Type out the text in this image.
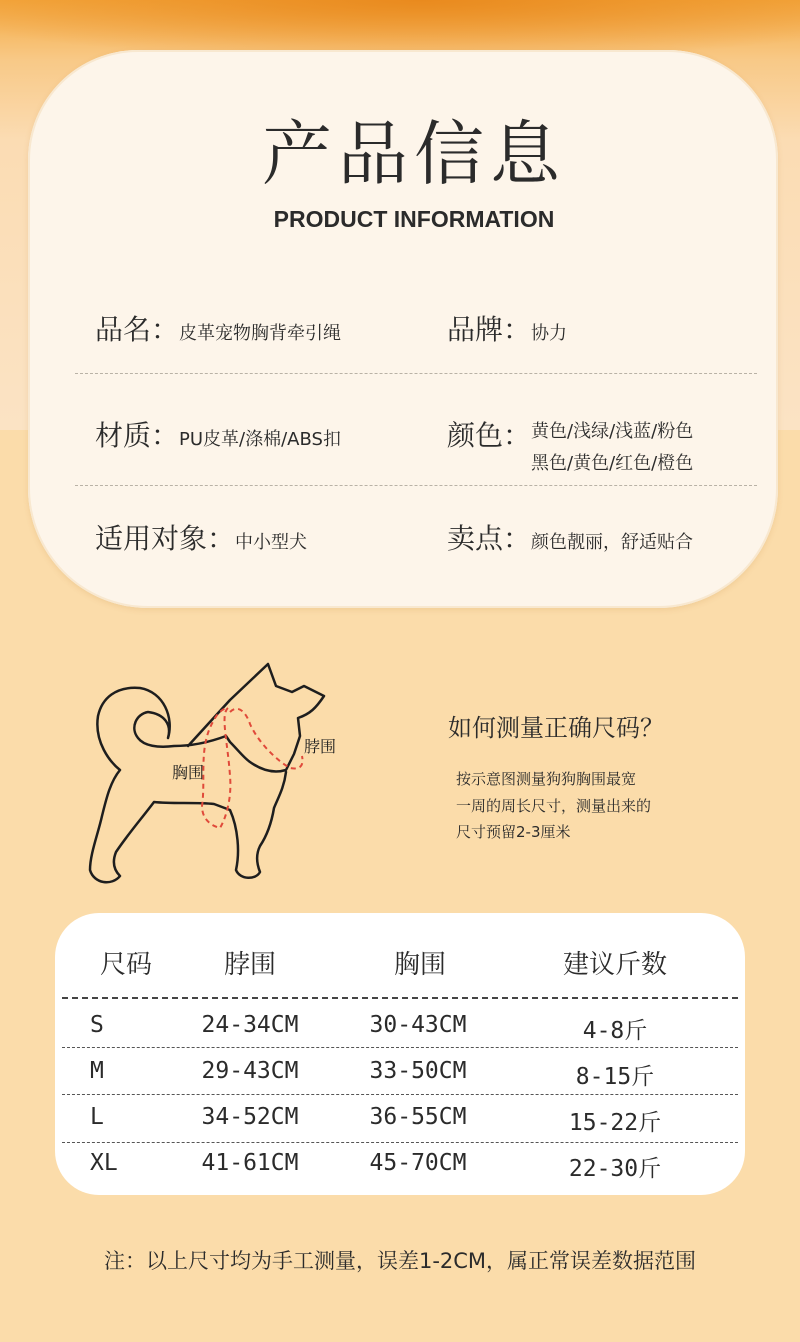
产品信息
PRODUCT INFORMATION
品名： 皮革宠物胸背牵引绳	品牌： 协力
材质： PU皮革/涤棉/ABS扣	颜色： 黄色/浅绿/浅蓝/粉色
黑色/黄色/红色/橙色
适用对象： 中小型犬	卖点： 颜色靓丽，舒适贴合
胸围
脖围
如何测量正确尺码？
按示意图测量狗狗胸围最宽
一周的周长尺寸，测量出来的
尺寸预留2-3厘米
尺码	脖围	胸围	建议斤数
S	24-34CM	30-43CM	4-8斤
M	29-43CM	33-50CM	8-15斤
L	34-52CM	36-55CM	15-22斤
XL	41-61CM	45-70CM	22-30斤
注：以上尺寸均为手工测量，误差1-2CM，属正常误差数据范围
